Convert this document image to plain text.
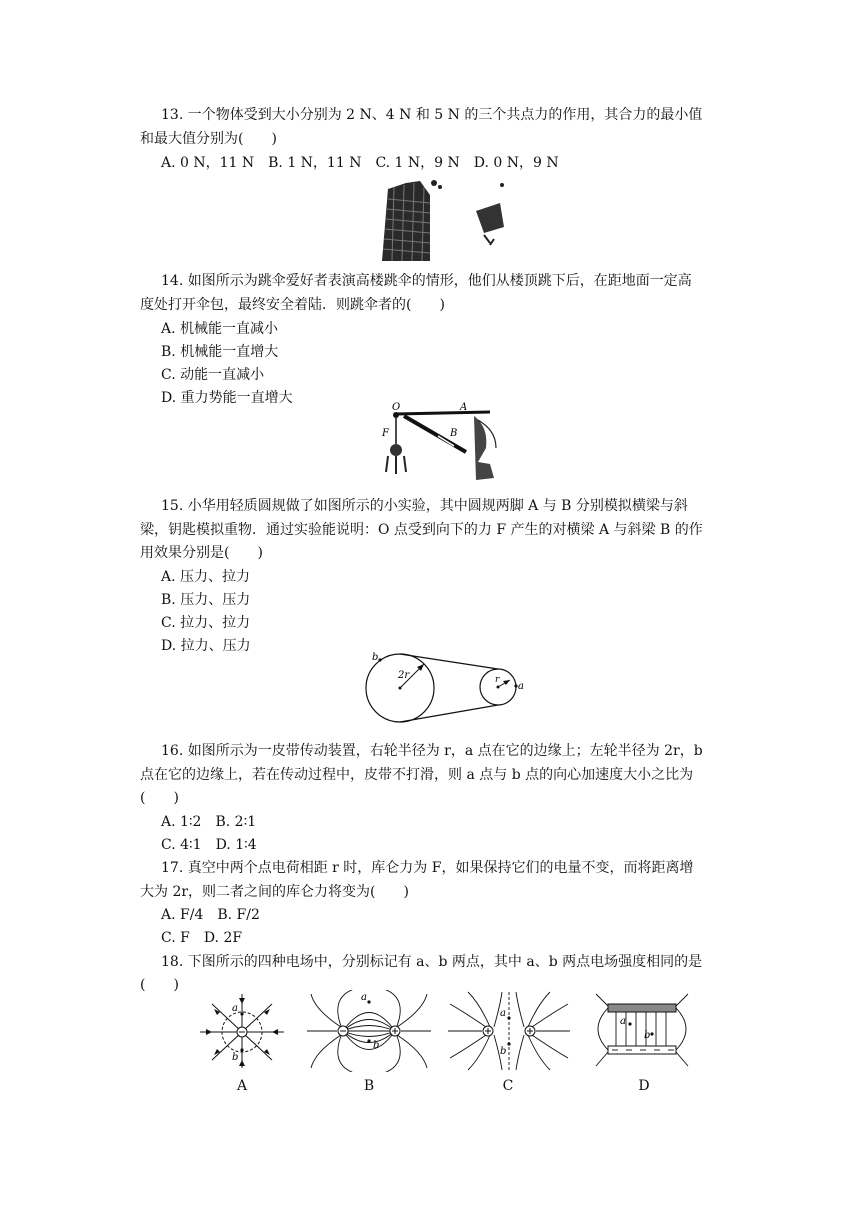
13. 一个物体受到大小分别为 2 N、4 N 和 5 N 的三个共点力的作用，其合力的最小值
和最大值分别为(　　)
A. 0 N，11 N　B. 1 N，11 N　C. 1 N，9 N　D. 0 N，9 N
14. 如图所示为跳伞爱好者表演高楼跳伞的情形，他们从楼顶跳下后，在距地面一定高
度处打开伞包，最终安全着陆．则跳伞者的(　　)
A. 机械能一直减小
B. 机械能一直增大
C. 动能一直减小
D. 重力势能一直增大
O	A
F	B
15. 小华用轻质圆规做了如图所示的小实验，其中圆规两脚 A 与 B 分别模拟横梁与斜
梁，钥匙模拟重物．通过实验能说明：O 点受到向下的力 F 产生的对横梁 A 与斜梁 B 的作
用效果分别是(　　)
A. 压力、拉力
B. 压力、压力
C. 拉力、拉力
D. 拉力、压力
b
2r	r
a
16. 如图所示为一皮带传动装置，右轮半径为 r，a 点在它的边缘上；左轮半径为 2r，b
点在它的边缘上，若在传动过程中，皮带不打滑，则 a 点与 b 点的向心加速度大小之比为
(　　)
A. 1∶2　B. 2∶1
C. 4∶1　D. 1∶4
17. 真空中两个点电荷相距 r 时，库仑力为 F，如果保持它们的电量不变，而将距离增
大为 2r，则二者之间的库仑力将变为(　　)
A. F/4　B. F/2
C. F　D. 2F
18. 下图所示的四种电场中，分别标记有 a、b 两点，其中 a、b 两点电场强度相同的是
(　　)
a
b
A
a
b
B
a
b
C
a
b
D
